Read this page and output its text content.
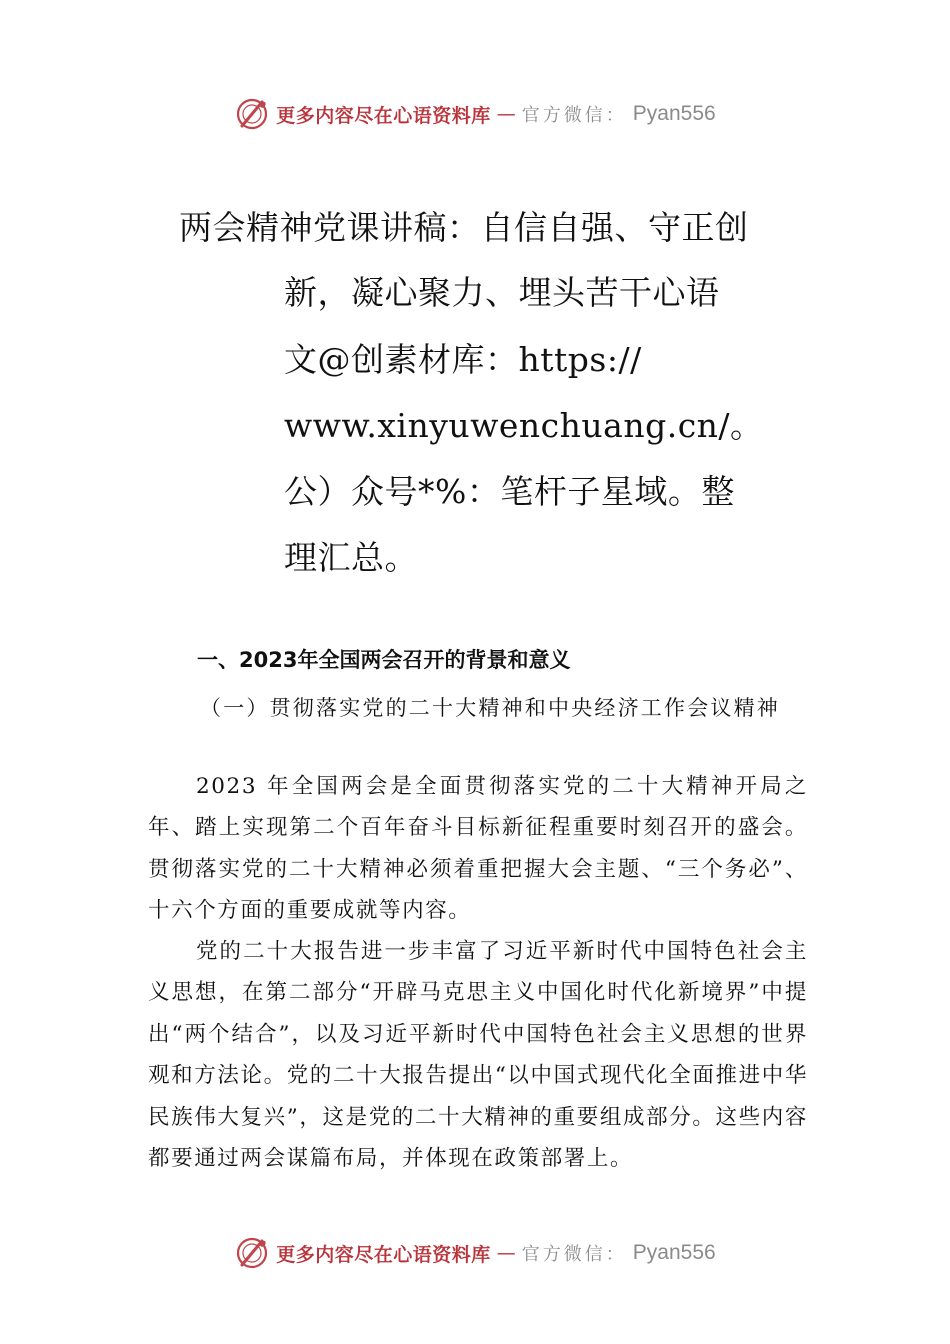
更多内容尽在心语资料库 — 官方微信： Pyan556
两会精神党课讲稿：自信自强、守正创
新，凝心聚力、埋头苦干心语
文@创素材库：https://
www.xinyuwenchuang.cn/。
公）众号*%：笔杆子星域。整
理汇总。
一、2023年全国两会召开的背景和意义
（一）贯彻落实党的二十大精神和中央经济工作会议精神
2023 年全国两会是全面贯彻落实党的二十大精神开局之年、踏上实现第二个百年奋斗目标新征程重要时刻召开的盛会。贯彻落实党的二十大精神必须着重把握大会主题、“三个务必”、十六个方面的重要成就等内容。
党的二十大报告进一步丰富了习近平新时代中国特色社会主义思想，在第二部分“开辟马克思主义中国化时代化新境界”中提出“两个结合”，以及习近平新时代中国特色社会主义思想的世界观和方法论。党的二十大报告提出“以中国式现代化全面推进中华民族伟大复兴”，这是党的二十大精神的重要组成部分。这些内容都要通过两会谋篇布局，并体现在政策部署上。
更多内容尽在心语资料库 — 官方微信： Pyan556
